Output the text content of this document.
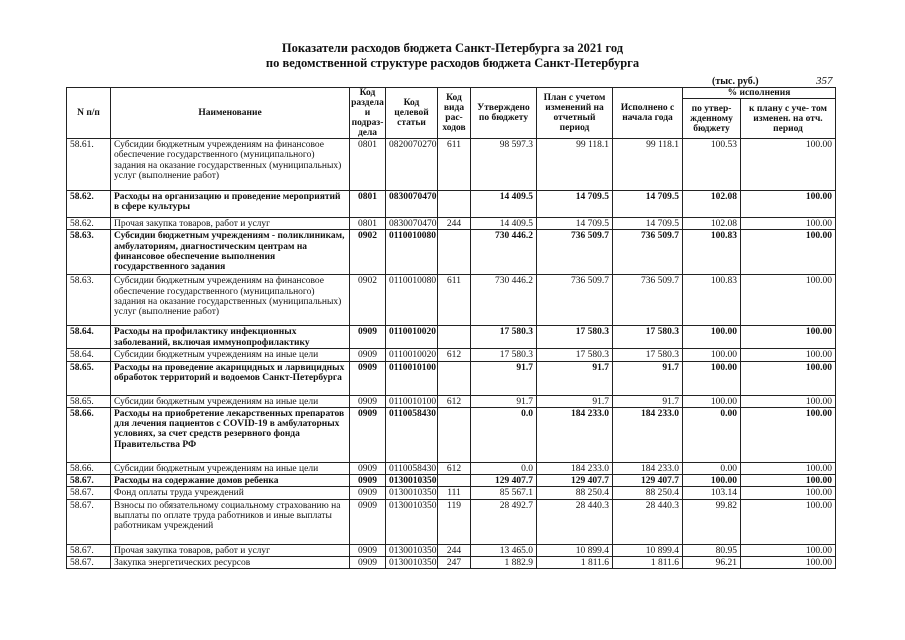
Показатели расходов бюджета Санкт-Петербурга за 2021 год
по ведомственной структуре расходов бюджета Санкт-Петербурга
(тыс. руб.)	357
N п/п	Наименование	Код раздела и подраз- дела	Код целевой статьи	Код вида рас- ходов	Утверждено по бюджету	План с учетом изменений на отчетный период	Исполнено с начала года	% исполнения	
								по утвер- жденному бюджету	к плану с уче- том изменен. на отч. период
58.61.	Субсидии бюджетным учреждениям на финансовое обеспечение государственного (муниципального) задания на оказание государственных (муниципальных) услуг (выполнение работ)	0801	0820070270	611	98 597.3	99 118.1	99 118.1	100.53	100.00
58.62.	Расходы на организацию и проведение мероприятий в сфере культуры	0801	0830070470		14 409.5	14 709.5	14 709.5	102.08	100.00
58.62.	Прочая закупка товаров, работ и услуг	0801	0830070470	244	14 409.5	14 709.5	14 709.5	102.08	100.00
58.63.	Субсидии бюджетным учреждениям - поликлиникам, амбулаториям, диагностическим центрам на финансовое обеспечение выполнения государственного задания	0902	0110010080		730 446.2	736 509.7	736 509.7	100.83	100.00
58.63.	Субсидии бюджетным учреждениям на финансовое обеспечение государственного (муниципального) задания на оказание государственных (муниципальных) услуг (выполнение работ)	0902	0110010080	611	730 446.2	736 509.7	736 509.7	100.83	100.00
58.64.	Расходы на профилактику инфекционных заболеваний, включая иммунопрофилактику	0909	0110010020		17 580.3	17 580.3	17 580.3	100.00	100.00
58.64.	Субсидии бюджетным учреждениям на иные цели	0909	0110010020	612	17 580.3	17 580.3	17 580.3	100.00	100.00
58.65.	Расходы на проведение акарицидных и ларвицидных обработок территорий и водоемов Санкт-Петербурга	0909	0110010100		91.7	91.7	91.7	100.00	100.00
58.65.	Субсидии бюджетным учреждениям на иные цели	0909	0110010100	612	91.7	91.7	91.7	100.00	100.00
58.66.	Расходы на приобретение лекарственных препаратов для лечения пациентов с COVID-19 в амбулаторных условиях, за счет средств резервного фонда Правительства РФ	0909	0110058430		0.0	184 233.0	184 233.0	0.00	100.00
58.66.	Субсидии бюджетным учреждениям на иные цели	0909	0110058430	612	0.0	184 233.0	184 233.0	0.00	100.00
58.67.	Расходы на содержание домов ребенка	0909	0130010350		129 407.7	129 407.7	129 407.7	100.00	100.00
58.67.	Фонд оплаты труда учреждений	0909	0130010350	111	85 567.1	88 250.4	88 250.4	103.14	100.00
58.67.	Взносы по обязательному социальному страхованию на выплаты по оплате труда работников и иные выплаты работникам учреждений	0909	0130010350	119	28 492.7	28 440.3	28 440.3	99.82	100.00
58.67.	Прочая закупка товаров, работ и услуг	0909	0130010350	244	13 465.0	10 899.4	10 899.4	80.95	100.00
58.67.	Закупка энергетических ресурсов	0909	0130010350	247	1 882.9	1 811.6	1 811.6	96.21	100.00
